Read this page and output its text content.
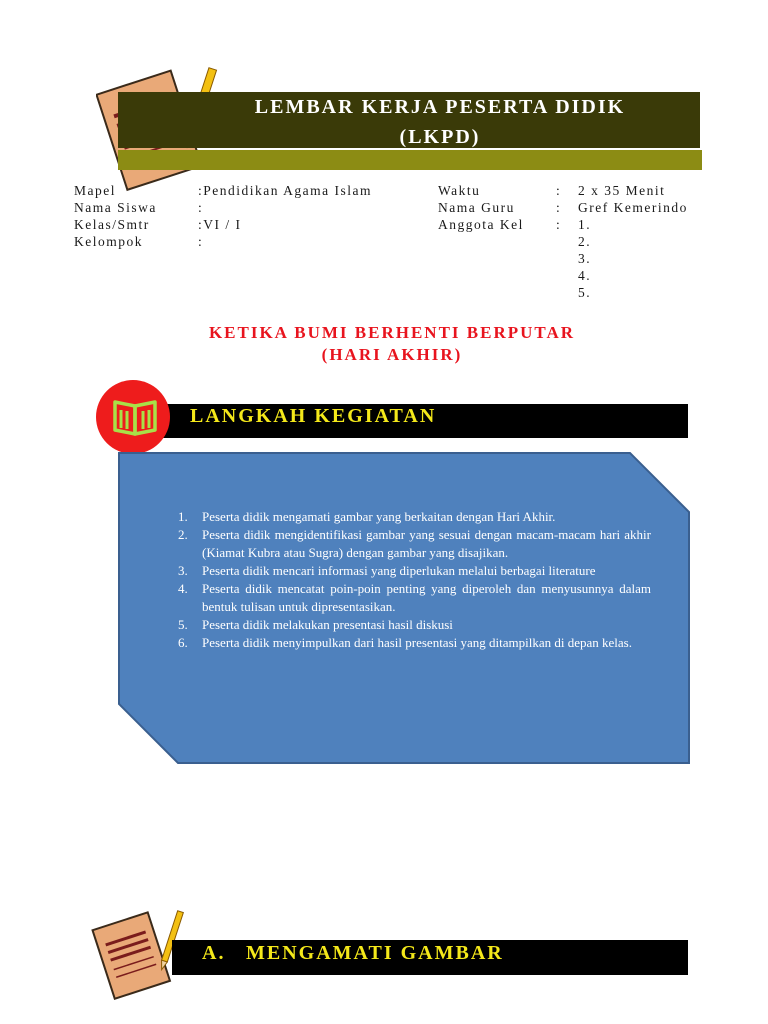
LEMBAR KERJA PESERTA DIDIK
(LKPD)
Mapel	:Pendidikan Agama Islam
Nama Siswa	:
Kelas/Smtr	:VI / I
Kelompok	:
Waktu	: 2 x 35 Menit
Nama Guru	: Gref Kemerindo
Anggota Kel : 1.
2.
3.
4.
5.
KETIKA BUMI BERHENTI BERPUTAR
(HARI AKHIR)
LANGKAH KEGIATAN
1. Peserta didik mengamati gambar yang berkaitan dengan Hari Akhir.
2. Peserta didik mengidentifikasi gambar yang sesuai dengan macam-macam hari akhir (Kiamat Kubra atau Sugra) dengan gambar yang disajikan.
3. Peserta didik mencari informasi yang diperlukan melalui berbagai literature
4. Peserta didik mencatat poin-poin penting yang diperoleh dan menyusunnya dalam bentuk tulisan untuk dipresentasikan.
5. Peserta didik melakukan presentasi hasil diskusi
6. Peserta didik menyimpulkan dari hasil presentasi yang ditampilkan di depan kelas.
A. MENGAMATI GAMBAR
